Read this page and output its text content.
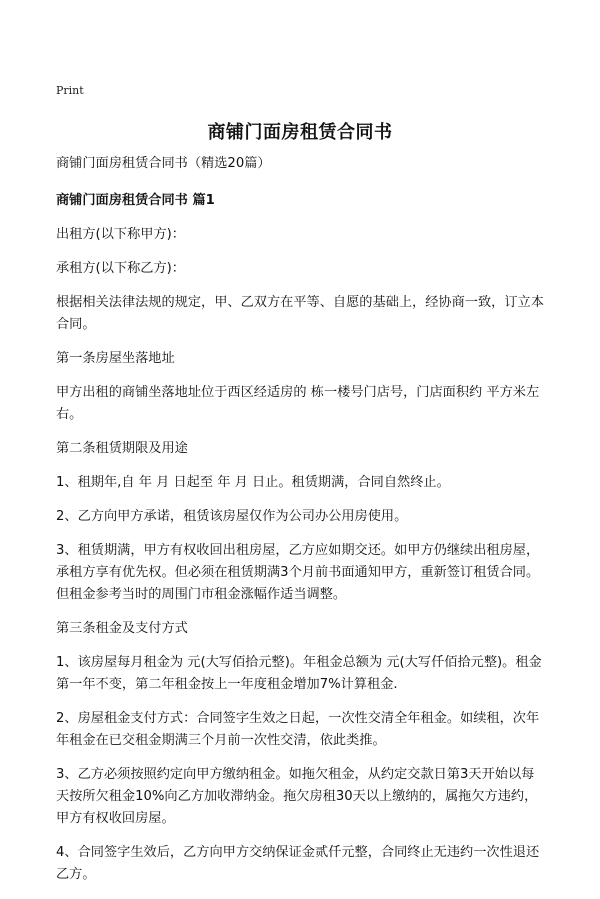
Print
商铺门面房租赁合同书

商铺门面房租赁合同书（精选20篇）

商铺门面房租赁合同书 篇1

出租方(以下称甲方)：

承租方(以下称乙方)：

根据相关法律法规的规定，甲、乙双方在平等、自愿的基础上，经协商一致，订立本合同。

第一条房屋坐落地址

甲方出租的商铺坐落地址位于西区经适房的 栋一楼号门店号，门店面积约 平方米左右。

第二条租赁期限及用途

1、租期年,自 年 月 日起至 年 月 日止。租赁期满，合同自然终止。

2、乙方向甲方承诺，租赁该房屋仅作为公司办公用房使用。

3、租赁期满，甲方有权收回出租房屋，乙方应如期交还。如甲方仍继续出租房屋，承租方享有优先权。但必须在租赁期满3个月前书面通知甲方，重新签订租赁合同。但租金参考当时的周围门市租金涨幅作适当调整。

第三条租金及支付方式

1、该房屋每月租金为 元(大写佰拾元整)。年租金总额为 元(大写仟佰拾元整)。租金第一年不变，第二年租金按上一年度租金增加7%计算租金.

2、房屋租金支付方式：合同签字生效之日起，一次性交清全年租金。如续租，次年年租金在已交租金期满三个月前一次性交清，依此类推。

3、乙方必须按照约定向甲方缴纳租金。如拖欠租金，从约定交款日第3天开始以每天按所欠租金10%向乙方加收滞纳金。拖欠房租30天以上缴纳的，属拖欠方违约，甲方有权收回房屋。

4、合同签字生效后，乙方向甲方交纳保证金贰仟元整，合同终止无违约一次性退还乙方。
